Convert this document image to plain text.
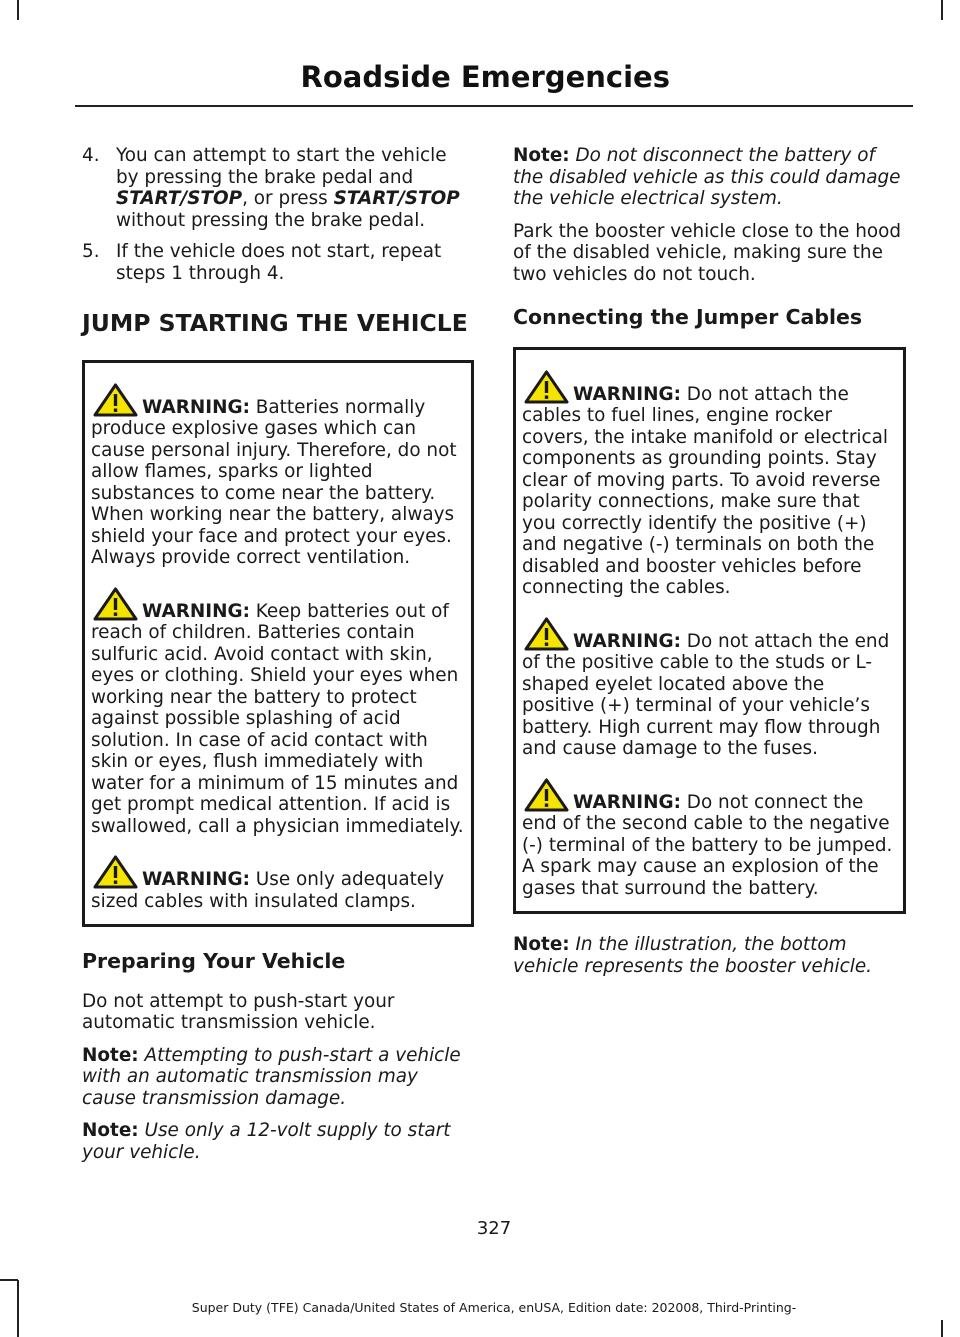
Roadside Emergencies
4. You can attempt to start the vehicle by pressing the brake pedal and START/STOP, or press START/STOP without pressing the brake pedal.
5. If the vehicle does not start, repeat steps 1 through 4.
JUMP STARTING THE VEHICLE
WARNING: Batteries normally produce explosive gases which can cause personal injury. Therefore, do not allow flames, sparks or lighted substances to come near the battery. When working near the battery, always shield your face and protect your eyes. Always provide correct ventilation.
WARNING: Keep batteries out of reach of children. Batteries contain sulfuric acid. Avoid contact with skin, eyes or clothing. Shield your eyes when working near the battery to protect against possible splashing of acid solution. In case of acid contact with skin or eyes, flush immediately with water for a minimum of 15 minutes and get prompt medical attention. If acid is swallowed, call a physician immediately.
WARNING: Use only adequately sized cables with insulated clamps.
Preparing Your Vehicle

Do not attempt to push-start your automatic transmission vehicle.

Note: Attempting to push-start a vehicle with an automatic transmission may cause transmission damage.

Note: Use only a 12-volt supply to start your vehicle.

Note: Do not disconnect the battery of the disabled vehicle as this could damage the vehicle electrical system.

Park the booster vehicle close to the hood of the disabled vehicle, making sure the two vehicles do not touch.

Connecting the Jumper Cables
WARNING: Do not attach the cables to fuel lines, engine rocker covers, the intake manifold or electrical components as grounding points. Stay clear of moving parts. To avoid reverse polarity connections, make sure that you correctly identify the positive (+) and negative (-) terminals on both the disabled and booster vehicles before connecting the cables.
WARNING: Do not attach the end of the positive cable to the studs or L-shaped eyelet located above the positive (+) terminal of your vehicle’s battery. High current may flow through and cause damage to the fuses.
WARNING: Do not connect the end of the second cable to the negative (-) terminal of the battery to be jumped. A spark may cause an explosion of the gases that surround the battery.

Note: In the illustration, the bottom vehicle represents the booster vehicle.

327
Super Duty (TFE) Canada/United States of America, enUSA, Edition date: 202008, Third-Printing-
